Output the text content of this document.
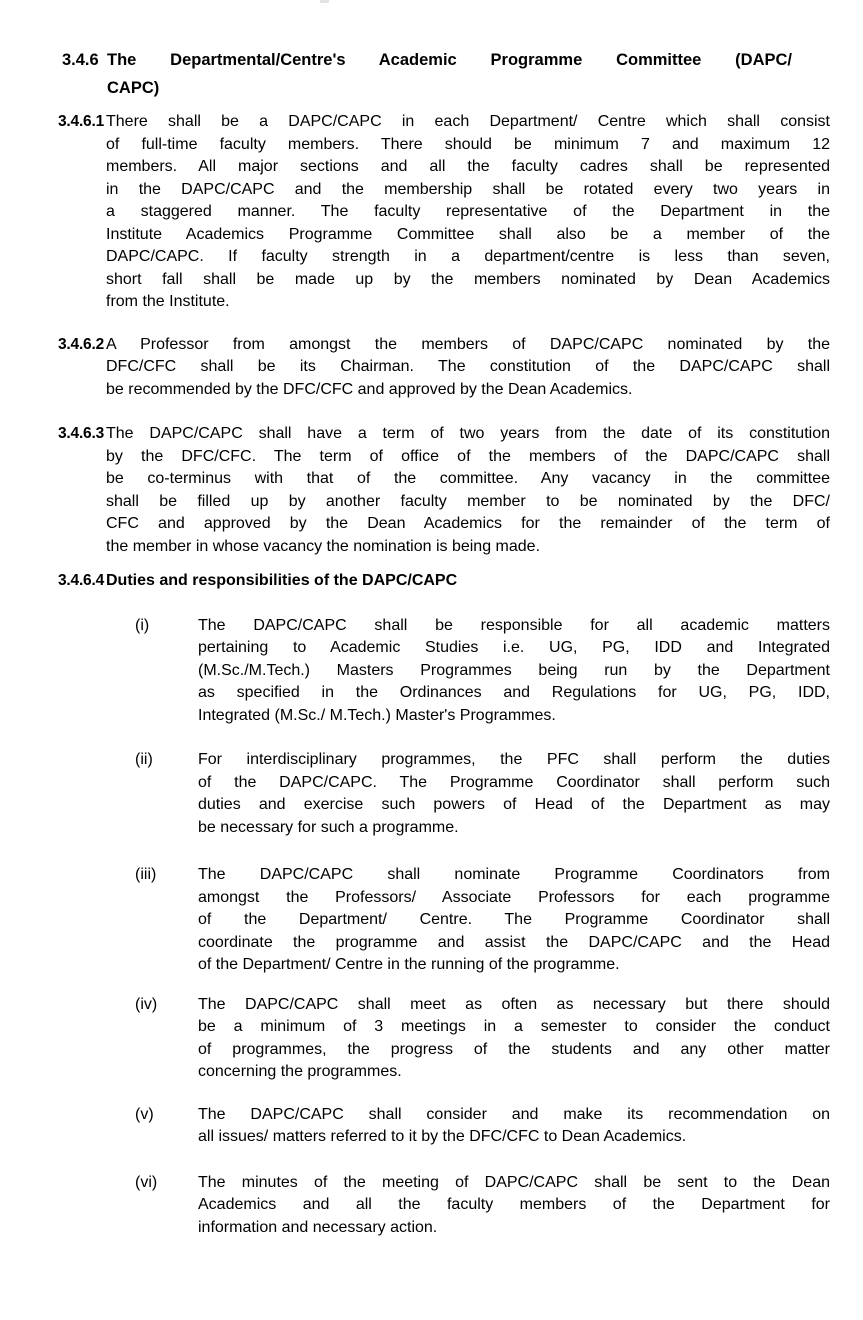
3.4.6 The Departmental/Centre's Academic Programme Committee (DAPC/
CAPC)
3.4.6.1 There shall be a DAPC/CAPC in each Department/ Centre which shall consist
of full-time faculty members. There should be minimum 7 and maximum 12
members. All major sections and all the faculty cadres shall be represented
in the DAPC/CAPC and the membership shall be rotated every two years in
a staggered manner. The faculty representative of the Department in the
Institute Academics Programme Committee shall also be a member of the
DAPC/CAPC. If faculty strength in a department/centre is less than seven,
short fall shall be made up by the members nominated by Dean Academics
from the Institute.
3.4.6.2 A Professor from amongst the members of DAPC/CAPC nominated by the
DFC/CFC shall be its Chairman. The constitution of the DAPC/CAPC shall
be recommended by the DFC/CFC and approved by the Dean Academics.
3.4.6.3 The DAPC/CAPC shall have a term of two years from the date of its constitution
by the DFC/CFC. The term of office of the members of the DAPC/CAPC shall
be co-terminus with that of the committee. Any vacancy in the committee
shall be filled up by another faculty member to be nominated by the DFC/
CFC and approved by the Dean Academics for the remainder of the term of
the member in whose vacancy the nomination is being made.
3.4.6.4 Duties and responsibilities of the DAPC/CAPC
(i)	The DAPC/CAPC shall be responsible for all academic matters
pertaining to Academic Studies i.e. UG, PG, IDD and Integrated
(M.Sc./M.Tech.) Masters Programmes being run by the Department
as specified in the Ordinances and Regulations for UG, PG, IDD,
Integrated (M.Sc./ M.Tech.) Master's Programmes.
(ii)	For interdisciplinary programmes, the PFC shall perform the duties
of the DAPC/CAPC. The Programme Coordinator shall perform such
duties and exercise such powers of Head of the Department as may
be necessary for such a programme.
(iii)	The DAPC/CAPC shall nominate Programme Coordinators from
amongst the Professors/ Associate Professors for each programme
of the Department/ Centre. The Programme Coordinator shall
coordinate the programme and assist the DAPC/CAPC and the Head
of the Department/ Centre in the running of the programme.
(iv)	The DAPC/CAPC shall meet as often as necessary but there should
be a minimum of 3 meetings in a semester to consider the conduct
of programmes, the progress of the students and any other matter
concerning the programmes.
(v)	The DAPC/CAPC shall consider and make its recommendation on
all issues/ matters referred to it by the DFC/CFC to Dean Academics.
(vi)	The minutes of the meeting of DAPC/CAPC shall be sent to the Dean
Academics and all the faculty members of the Department for
information and necessary action.
